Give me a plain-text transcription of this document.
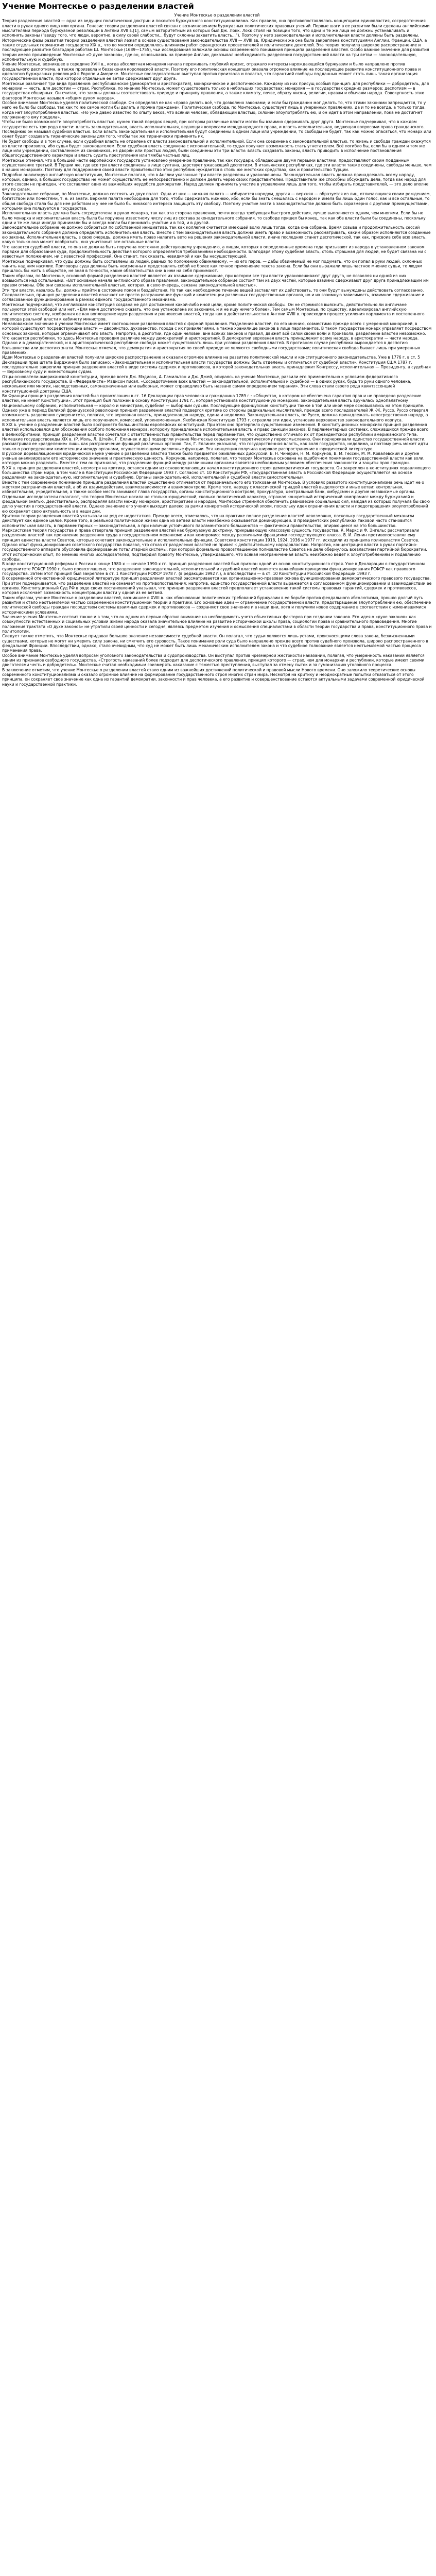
Учение Монтескье о разделении властей
Учение Монтескье о разделении властей

Теория разделения властей — одна из ведущих политических доктрин и покоится буржуазного конституционализма. Как правило, она противопоставлялась концепциям единовластия, сосредоточения власти в руках одного лица или органа. Генезис теории разделения властей связан с возникновением буржуазных политических правовых учений. Первые шаги в ее развитии были сделаны английскими мыслителями периода буржуазной революции в Англии XVII в.[1], самым авторитетным из которых был Дж. Локк. Локк стоял на позиции того, что одни и те же лица не должны устанавливать и исполнять законы ("ввиду того, что люди, вероятно, в силу своей слабости... будут склонны захватить власть..."). Поэтому у него законодательная и исполнительная власти должны быть разделены.

Исторические фазы развития теории разделения властей лежат в основе существования законодательства XVII — XVIII вв. Юридически же она была закреплена конституциями Англии, Франции, США, а также отдельных германских государств XIX в., что во многом определялось влиянием работ французских просветителей и политических деятелей. Эта теория получила широкое распространение и последующее развитие благодаря работам Ш. Монтескье (1689—1755), чьи исследования заложили основы современного понимания принципа разделения властей. Особо важное значение для развития теории имело произведение Монтескье «О духе законов», где он, основываясь на примере Англии, доказывал необходимость разделения государственной власти на три ветви — законодательную, исполнительную и судебную.

Учение Монтескье, возникшее в середине XVIII в., когда абсолютная монархия начала переживать глубокий кризис, отражало интересы нарождающейся буржуазии и было направлено против феодального деспотизма, а также произвола и беззакония королевской власти. Поэтому его политическая концепция оказала огромное влияние на последующее развитие конституционного права и идеологию буржуазных революций в Европе и Америке. Монтескье последовательно выступал против произвола и полагал, что гарантией свободы подданных может стать лишь такая организация государственной власти, при которой отдельные ее ветви сдерживают друг друга.

Монтескье различает три вида правления: республиканское (демократия и аристократия), монархическое и деспотическое. Каждому из них присущ особый принцип: для республики — добродетель, для монархии — честь, для деспотии — страх. Республика, по мнению Монтескье, может существовать только в небольших государствах; монархия — в государствах средних размеров; деспотизм — в государствах обширных. Он считал, что законы должны соответствовать природе и принципу правления, а также климату, почве, образу жизни, религии, нравам и обычаям народа. Совокупность этих факторов Монтескье называл «общим духом народа».

Особое внимание Монтескье уделял политической свободе. Он определял ее как «право делать всё, что дозволено законами; и если бы гражданин мог делать то, что этими законами запрещается, то у него не было бы свободы, так как то же самое могли бы делать и прочие граждане». Политическая свобода, по Монтескье, существует лишь в умеренных правлениях, да и то не всегда, а только тогда, когда нет злоупотребления властью. «Но уже давно известно по опыту веков, что всякий человек, обладающий властью, склонен злоупотреблять ею, и он идет в этом направлении, пока не достигнет положенного ему предела».

Чтобы не было возможности злоупотреблять властью, нужен такой порядок вещей, при котором различные власти могли бы взаимно сдерживать друг друга. Монтескье подчеркивал, что в каждом государстве есть три рода власти: власть законодательная, власть исполнительная, ведающая вопросами международного права, и власть исполнительная, ведающая вопросами права гражданского. Последнюю он называл судебной властью. Если власть законодательная и исполнительная будут соединены в одном лице или учреждении, то свободы не будет, так как можно опасаться, что монарх или сенат будет создавать тиранические законы для того, чтобы так же тиранически применять их.

Не будет свободы и в том случае, если судебная власть не отделена от власти законодательной и исполнительной. Если она соединена с законодательной властью, то жизнь и свобода граждан окажутся во власти произвола, ибо судья будет законодателем. Если судебная власть соединена с исполнительной, то судья получает возможность стать угнетателем. Всё погибло бы, если бы в одном и том же лице или учреждении, составленном из сановников, из дворян или простых людей, были соединены эти три власти: власть создавать законы, власть приводить в исполнение постановления общегосударственного характера и власть судить преступления или тяжбы частных лиц.

Монтескье отмечал, что в большей части европейских государств установлено умеренное правление, так как государи, обладающие двумя первыми властями, предоставляют своим подданным осуществление третьей. В Турции же, где все три власти соединены в лице султана, царствует ужасающий деспотизм. В итальянских республиках, где эти власти также соединены, свободы меньше, чем в наших монархиях. Поэтому для поддержания своей власти правительство этих республик нуждается в столь же жестоких средствах, как и правительство Турции.

Подробно анализируя английскую конституцию, Монтескье полагал, что в Англии указанные три власти разделены и уравновешены. Законодательная власть должна принадлежать всему народу, который, однако, в больших государствах не может осуществлять ее непосредственно и должен делать через своих представителей. Представители же способны обсуждать дела, тогда как народ для этого совсем не пригоден, что составляет одно из важнейших неудобств демократии. Народ должен принимать участие в управлении лишь для того, чтобы избирать представителей, — это дело вполне ему по силам.

Законодательное собрание, по Монтескье, должно состоять из двух палат. Одна из них — нижняя палата — избирается народом, другая — верхняя — образуется из лиц, отличающихся своим рождением, богатством или почестями, т. е. из знати. Верхняя палата необходима для того, чтобы сдерживать нижнюю, ибо, если бы знать смешалась с народом и имела бы лишь один голос, как и все остальные, то общая свобода стала бы для нее рабством и у нее не было бы никакого интереса защищать эту свободу. Поэтому участие знати в законодательстве должно быть соразмерно с другими преимуществами, которыми она пользуется в государстве.

Исполнительная власть должна быть сосредоточена в руках монарха, так как эта сторона правления, почти всегда требующая быстрого действия, лучше выполняется одним, чем многими. Если бы не было монарха и исполнительная власть была бы поручена известному числу лиц из состава законодательного собрания, то свободе пришел бы конец, так как обе власти были бы соединены, поскольку одни и те же лица иногда принимали бы и всегда могли бы принимать участие и в той, и в другой.

Законодательное собрание не должно собираться по собственной инициативе, так как коллегия считается имеющей волю лишь тогда, когда она собрана. Время созыва и продолжительность сессий законодательного собрания должна определять исполнительная власть. Вместе с тем законодательная власть должна иметь право и возможность рассматривать, каким образом исполняются созданные ею законы. Исполнительная власть, в свою очередь, должна иметь право налагать вето на решения законодательной власти, иначе последняя станет деспотической, так как, присвоив себе всю власть, какую только она может вообразить, она уничтожит все остальные власти.

Что касается судебной власти, то она не должна быть поручена постоянно действующему учреждению, а лицам, которых в определенные времена года призывают из народа в установленном законом порядке для образования суда, продолжительность действия которого определяется требованиями необходимости. Благодаря этому судебная власть, столь страшная для людей, не будет связана ни с известным положением, ни с известной профессией. Она станет, так сказать, невидимой и как бы несуществующей.

Монтескье подчеркивал, что суды должны быть составлены из людей, равных по положению обвиняемому, — из его пэров, — дабы обвиняемый не мог подумать, что он попал в руки людей, склонных чинить над ним насилие. Приговоры суда должны быть неизменны и представлять собой не более как точное применение текста закона. Если бы они выражали лишь частное мнение судьи, то людям пришлось бы жить в обществе, не зная в точности, какие обязательства они в нем на себя принимают.

Таким образом, по Монтескье, основной формой разделения властей является их взаимное сдерживание, при котором все три власти уравновешивают друг друга, не позволяя ни одной из них возвыситься над остальными. «Вот основные начала английского образа правления: законодательное собрание состоит там из двух частей, которые взаимно сдерживают друг друга принадлежащим им правом отмены. Обе они связаны исполнительной властью, которая, в свою очередь, связана законодательной властью».

Эти три власти, казалось бы, должны прийти в состояние покоя и бездействия. Но так как необходимое течение вещей заставляет их действовать, то они будут вынуждены действовать согласованно. Следовательно, принцип разделения властей означает не просто разграничение функций и компетенции различных государственных органов, но и их взаимную зависимость, взаимное сдерживание и согласованное функционирование в рамках единого государственного механизма.

Монтескье подчеркивал, что английская конституция создана не для достижения какой-либо иной цели, кроме политической свободы. Он не стремился выяснить, действительно ли англичане пользуются этой свободой или нет. «Для меня достаточно сказать, что она установлена их законами, и я не ищу ничего более». Тем самым Монтескье, по существу, идеализировал английскую политическую систему, изображая ее как воплощение идеи разделения и равновесия властей, тогда как в действительности в Англии XVIII в. происходил процесс усиления парламента и постепенного перехода реальной власти к кабинету министров.

Немаловажное значение в учении Монтескье имеет соотношение разделения властей с формой правления. Разделение властей, по его мнению, совместимо прежде всего с умеренной монархией, в которой существуют посредствующие власти — дворянство, духовенство, города с их привилегиями, а также хранилище законов в лице парламентов. В таком государстве монарх управляет посредством основных законов, которые ограничивают его власть. Напротив, в деспотии, где один человек, вне всяких законов и правил, движет всё силой своей воли и произвола, разделение властей невозможно.

Что касается республики, то здесь Монтескье проводил различие между демократией и аристократией. В демократии верховная власть принадлежит всему народу, в аристократии — части народа. Однако и в демократической, и в аристократической республике свобода может существовать лишь при условии разделения властей. В противном случае республика вырождается в деспотию большинства или деспотию знати. Монтескье отмечал, что демократия и аристократия по своей природе не являются свободными государствами; политическая свобода бывает лишь при умеренных правлениях.

Идеи Монтескье о разделении властей получили широкое распространение и оказали огромное влияние на развитие политической мысли и конституционного законодательства. Уже в 1776 г. в ст. 5 Декларации прав штата Вирджиния было записано: «Законодательная и исполнительная власти государства должны быть отделены и отличаться от судебной власти». Конституция США 1787 г. последовательно закрепила принцип разделения властей в виде системы сдержек и противовесов, в которой законодательная власть принадлежит Конгрессу, исполнительная — Президенту, а судебная — Верховному суду и нижестоящим судам.

Отцы-основатели американской конституции, прежде всего Дж. Мэдисон, А. Гамильтон и Дж. Джей, опираясь на учение Монтескье, развили его применительно к условиям федеративного республиканского государства. В «Федералисте» Мэдисон писал: «Сосредоточение всех властей — законодательной, исполнительной и судебной — в одних руках, будь то руки одного человека, нескольких или многих, наследственных, самоназначенных или выборных, может справедливо быть названо самим определением тирании». Эти слова стали своего рода квинтэссенцией конституционной доктрины США.

Во Франции принцип разделения властей был провозглашен в ст. 16 Декларации прав человека и гражданина 1789 г.: «Общество, в котором не обеспечена гарантия прав и не проведено разделение властей, не имеет Конституции». Этот принцип был положен в основу Конституции 1791 г., которая установила конституционную монархию: законодательная власть вручалась однопалатному Национальному собранию, исполнительная — королю и министрам, судебная — выборным судьям. Последующие французские конституции также в той или иной мере основывались на этом принципе.

Однако уже в период Великой французской революции принцип разделения властей подвергся критике со стороны радикальных мыслителей, прежде всего последователей Ж.-Ж. Руссо. Руссо отвергал возможность разделения суверенитета, полагая, что верховная власть, принадлежащая народу, едина и неделима. Законодательная власть, по Руссо, должна принадлежать непосредственно народу, а исполнительная власть является лишь его поручением, комиссией, уполномоченным. Якобинская Конституция 1793 г. отразила эти идеи, установив верховенство законодательного корпуса.

В XIX в. учение о разделении властей было воспринято большинством европейских конституций. При этом оно претерпело существенные изменения. В конституционных монархиях принцип разделения властей использовался для обоснования особого положения монарха, которому принадлежала исполнительная власть и право санкции законов. В парламентарных системах, сложившихся прежде всего в Великобритании, принцип разделения властей сочетался с ответственностью правительства перед парламентом, что существенно отличало их от президентской республики американского типа.

Немецкие государствоведы XIX в. (Р. Моль, Л. Штейн, Г. Еллинек и др.) подвергли учение Монтескье серьезному теоретическому переосмыслению. Они подчеркивали единство государственной власти, рассматривая ее «разделение» лишь как разграничение функций различных органов. Так, Г. Еллинек указывал, что государственная власть, как воля государства, неделима, и поэтому речь может идти только о распределении компетенции между органами, осуществляющими различные функции. Эта концепция получила широкое распространение в юридической литературе.

В русской дореволюционной юридической науке учение о разделении властей также было предметом оживленных дискуссий. Б. Н. Чичерин, Н. М. Коркунов, В. М. Гессен, М. М. Ковалевский и другие ученые анализировали его историческое значение и практическую ценность. Коркунов, например, полагал, что теория Монтескье основана на ошибочном понимании государственной власти как воли, которую можно разделить. Вместе с тем он признавал, что разделение функций между различными органами является необходимым условием обеспечения законности и защиты прав граждан.

В XX в. принцип разделения властей, несмотря на критику, остался одним из основополагающих начал конституционного строя демократических государств. Он закреплен в конституциях подавляющего большинства стран мира, в том числе в Конституции Российской Федерации 1993 г. Согласно ст. 10 Конституции РФ, «государственная власть в Российской Федерации осуществляется на основе разделения на законодательную, исполнительную и судебную. Органы законодательной, исполнительной и судебной власти самостоятельны».

Вместе с тем современное понимание принципа разделения властей существенно отличается от первоначального его толкования Монтескье. В условиях развитого конституционализма речь идет не о жестком разграничении властей, а об их взаимодействии, взаимозависимости и взаимоконтроле. Кроме того, наряду с классической триадой властей выделяются и иные ветви: контрольная, избирательная, учредительная, а также особое место занимают глава государства, органы конституционного контроля, прокуратура, центральный банк, омбудсмен и другие независимые органы.

Отдельные исследователи полагают, что теория Монтескье носила не столько юридический, сколько политический характер, отражая конкретный исторический компромисс между буржуазией и феодальной знатью. Действительно, распределяя власти между монархом, аристократией и народом, Монтескье стремился обеспечить равновесие социальных сил, каждая из которых получала бы свою долю участия в государственной власти. Однако значение его учения выходит далеко за рамки конкретной исторической эпохи, поскольку идея ограничения власти и предотвращения злоупотреблений ею сохраняет свою актуальность и в наши дни.

Критики теории разделения властей указывали на ряд ее недостатков. Прежде всего, отмечалось, что на практике полное разделение властей невозможно, поскольку государственный механизм действует как единое целое. Кроме того, в реальной политической жизни одна из ветвей власти неизбежно оказывается доминирующей. В президентских республиках таковой часто становится исполнительная власть, в парламентарных — законодательная, а при наличии устойчивого парламентского большинства — фактически правительство, опирающееся на это большинство.

Марксистская теория государства и права отвергала принцип разделения властей как буржуазную доктрину, прикрывающую классовую сущность государства. К. Маркс и Ф. Энгельс рассматривали разделение властей как проявление разделения труда в государственном механизме и как компромисс между различными фракциями господствующего класса. В. И. Ленин противопоставлял ему принцип единства власти Советов, которые сочетают законодательные и исполнительные функции. Советские конституции 1918, 1924, 1936 и 1977 гг. исходили из принципа полновластия Советов.

Однако опыт функционирования советского государства показал, что отказ от разделения властей не привел к действительному народовластию. Напротив, концентрация власти в руках партийно-государственного аппарата обусловила формирование тоталитарной системы, при которой формально провозглашенное полновластие Советов на деле обернулось всевластием партийной бюрократии. Этот исторический опыт, по мнению многих исследователей, подтвердил правоту Монтескье, утверждавшего, что всякая неограниченная власть неизбежно ведет к злоупотреблениям и подавлению свободы.

В ходе конституционной реформы в России в конце 1980-х — начале 1990-х гг. принцип разделения властей был признан одной из основ конституционного строя. Уже в Декларации о государственном суверенитете РСФСР 1990 г. было провозглашено, что разделение законодательной, исполнительной и судебной властей является важнейшим принципом функционирования РСФСР как правового государства. Затем этот принцип был закреплен в ст. 1 Конституции РСФСР 1978 г. (в редакции 1992 г.), а впоследствии — в ст. 10 Конституции Российской Федерации 1993 г.

В современной отечественной юридической литературе принцип разделения властей рассматривается как организационно-правовая основа функционирования демократического правового государства. При этом подчеркивается, что разделение властей не означает их противопоставления; напротив, единство государственной власти выражается в согласованном функционировании и взаимодействии ее органов. Конституционный Суд РФ в ряде своих постановлений указывал, что принцип разделения властей предполагает установление такой системы правовых гарантий, сдержек и противовесов, которая исключает возможность концентрации власти у одной из ее ветвей.

Таким образом, учение Монтескье о разделении властей, возникшее в XVIII в. как обоснование политических требований буржуазии в ее борьбе против феодального абсолютизма, прошло долгий путь развития и стало неотъемлемой частью современной конституционной теории и практики. Его основные идеи — ограничение государственной власти, предотвращение злоупотреблений ею, обеспечение политической свободы граждан посредством системы взаимных сдержек и противовесов — сохраняют свое значение и в наши дни, хотя и получили новое содержание в соответствии с изменившимися историческими условиями.

Значение учения Монтескье состоит также и в том, что он одним из первых обратил внимание на необходимость учета объективных факторов при создании законов. Его идея о «духе законов» как совокупности естественных и социальных условий жизни народа оказала значительное влияние на развитие исторической школы права, социологии права и сравнительного правоведения. Многие положения трактата «О духе законов» не утратили своей ценности и сегодня, являясь предметом изучения и осмысления специалистами в области теории государства и права, конституционного права и политологии.

Следует также отметить, что Монтескье придавал большое значение независимости судебной власти. Он полагал, что судьи являются лишь устами, произносящими слова закона, безжизненными существами, которые не могут ни умерить силу закона, ни смягчить его суровость. Такое понимание роли суда было направлено прежде всего против судебного произвола, широко распространенного в феодальной Франции. Впоследствии, однако, стало очевидным, что суд не может быть лишь механическим исполнителем закона и что судебное толкование является неотъемлемой частью процесса применения права.

Особое внимание Монтескье уделял вопросам уголовного законодательства и судопроизводства. Он выступал против чрезмерной жестокости наказаний, полагая, что умеренность наказаний является одним из признаков свободного государства. «Строгость наказаний более подходит для деспотического правления, принцип которого — страх, чем для монархии и республики, которые имеют своими двигателями честь и добродетель». Монтескье считал необходимым соизмерять наказание с тяжестью преступления, выступал за отмену пыток и за гуманизацию уголовного процесса.

В заключение отметим, что учение Монтескье о разделении властей стало одним из важнейших достижений политической и правовой мысли Нового времени. Оно заложило теоретические основы современного конституционализма и оказало огромное влияние на формирование государственного строя многих стран мира. Несмотря на критику и неоднократные попытки отказаться от этого принципа, он сохраняет свое значение как одна из гарантий демократии, законности и прав человека, а его развитие и совершенствование остаются актуальными задачами современной юридической науки и государственной практики.
